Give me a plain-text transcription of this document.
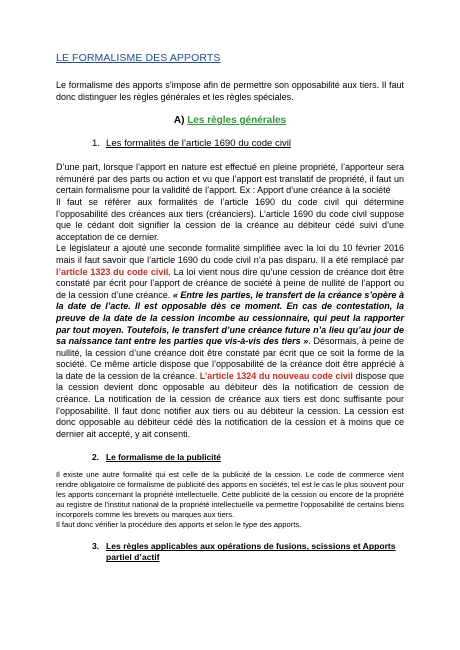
LE FORMALISME DES APPORTS

Le formalisme des apports s’impose afin de permettre son opposabilité aux tiers. Il faut donc distinguer les règles générales et les règles spéciales.

A) Les règles générales
1. Les formalités de l’article 1690 du code civil

D’une part, lorsque l’apport en nature est effectué en pleine propriété, l’apporteur sera rémunéré par des parts ou action et vu que l’apport est translatif de propriété, il faut un certain formalisme pour la validité de l’apport. Ex : Apport d’une créance à la société

Il faut se référer aux formalités de l’article 1690 du code civil qui détermine l’opposabilité des créances aux tiers (créanciers). L’article 1690 du code civil suppose que le cédant doit signifier la cession de la créance au débiteur cédé suivi d’une acceptation de ce dernier.

Le législateur a ajouté une seconde formalité simplifiée avec la loi du 10 février 2016 mais il faut savoir que l’article 1690 du code civil n’a pas disparu. Il a été remplacé par l’article 1323 du code civil. La loi vient nous dire qu’une cession de créance doit être constaté par écrit pour l’apport de créance de société à peine de nullité de l’apport ou de la cession d’une créance. « Entre les parties, le transfert de la créance s’opère à la date de l’acte. Il est opposable dès ce moment. En cas de contestation, la preuve de la date de la cession incombe au cessionnaire, qui peut la rapporter par tout moyen. Toutefois, le transfert d’une créance future n’a lieu qu’au jour de sa naissance tant entre les parties que vis-à-vis des tiers ». Désormais, à peine de nullité, la cession d’une créance doit être constaté par écrit que ce soit la forme de la société. Ce même article dispose que l’opposabilité de la créance doit être apprécié à la date de la cession de la créance. L’article 1324 du nouveau code civil dispose que la cession devient donc opposable au débiteur dès la notification de cession de créance. La notification de la cession de créance aux tiers est donc suffisante pour l’opposabilité. Il faut donc notifier aux tiers ou au débiteur la cession. La cession est donc opposable au débiteur cédé dès la notification de la cession et à moins que ce dernier ait accepté, y ait consenti.

2. Le formalisme de la publicité

Il existe une autre formalité qui est celle de la publicité de la cession. Le code de commerce vient rendre obligatoire ce formalisme de publicité des apports en sociétés, tel est le cas le plus souvent pour les apports concernant la propriété intellectuelle. Cette publicité de la cession ou encore de la propriété au registre de l’institut national de la propriété intellectuelle va permettre l’opposabilité de certains biens incorporels comme les brevets ou marques aux tiers.

Il faut donc vérifier la procédure des apports et selon le type des apports.

3. Les règles applicables aux opérations de fusions, scissions et Apports partiel d’actif
